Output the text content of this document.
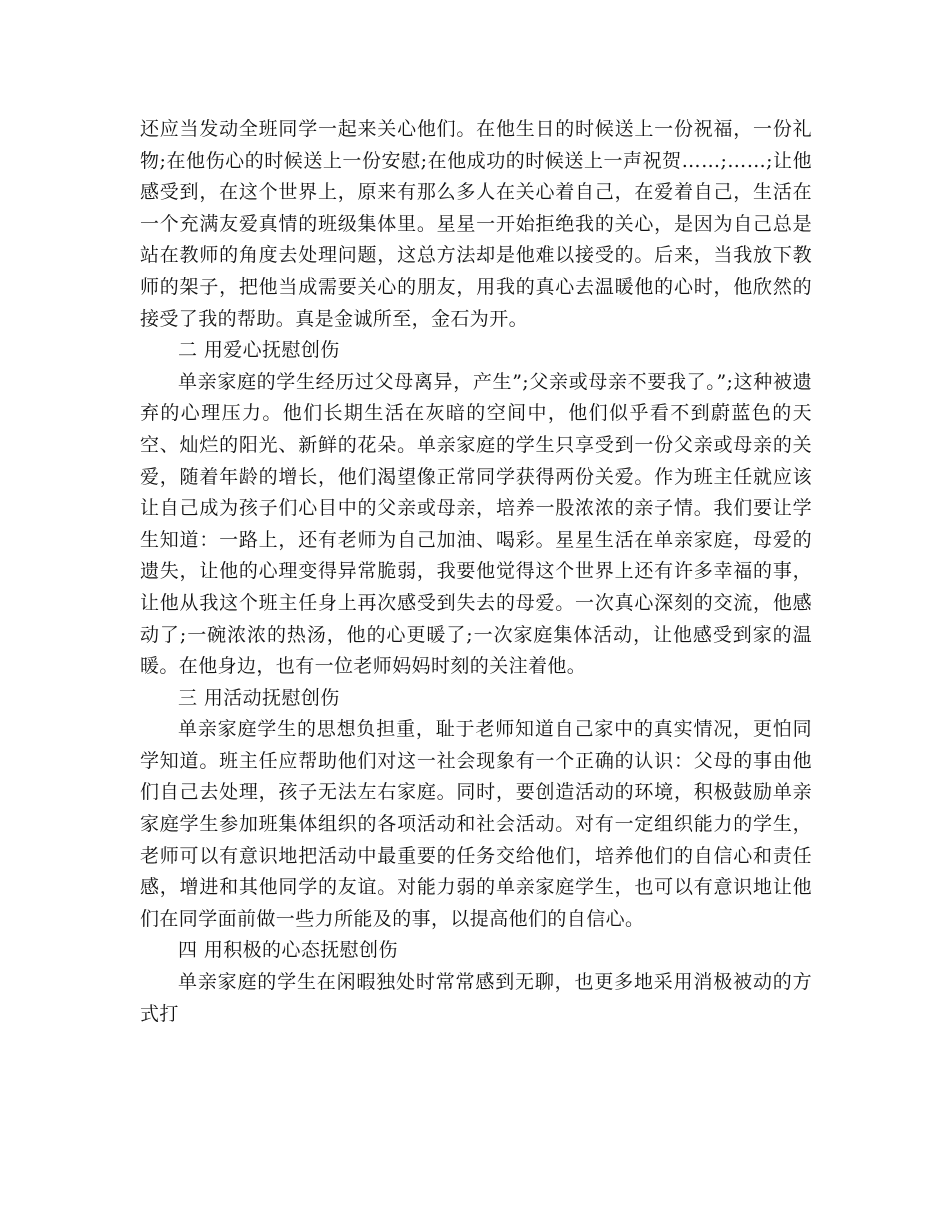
还应当发动全班同学一起来关心他们。在他生日的时候送上一份祝福，一份礼物;在他伤心的时候送上一份安慰;在他成功的时候送上一声祝贺……;……;让他感受到，在这个世界上，原来有那么多人在关心着自己，在爱着自己，生活在一个充满友爱真情的班级集体里。星星一开始拒绝我的关心，是因为自己总是站在教师的角度去处理问题，这总方法却是他难以接受的。后来，当我放下教师的架子，把他当成需要关心的朋友，用我的真心去温暖他的心时，他欣然的接受了我的帮助。真是金诚所至，金石为开。

二 用爱心抚慰创伤

单亲家庭的学生经历过父母离异，产生”;父亲或母亲不要我了。”;这种被遗弃的心理压力。他们长期生活在灰暗的空间中，他们似乎看不到蔚蓝色的天空、灿烂的阳光、新鲜的花朵。单亲家庭的学生只享受到一份父亲或母亲的关爱，随着年龄的增长，他们渴望像正常同学获得两份关爱。作为班主任就应该让自己成为孩子们心目中的父亲或母亲，培养一股浓浓的亲子情。我们要让学生知道：一路上，还有老师为自己加油、喝彩。星星生活在单亲家庭，母爱的遗失，让他的心理变得异常脆弱，我要他觉得这个世界上还有许多幸福的事，让他从我这个班主任身上再次感受到失去的母爱。一次真心深刻的交流，他感动了;一碗浓浓的热汤，他的心更暖了;一次家庭集体活动，让他感受到家的温暖。在他身边，也有一位老师妈妈时刻的关注着他。

三 用活动抚慰创伤

单亲家庭学生的思想负担重，耻于老师知道自己家中的真实情况，更怕同学知道。班主任应帮助他们对这一社会现象有一个正确的认识：父母的事由他们自己去处理，孩子无法左右家庭。同时，要创造活动的环境，积极鼓励单亲家庭学生参加班集体组织的各项活动和社会活动。对有一定组织能力的学生，老师可以有意识地把活动中最重要的任务交给他们，培养他们的自信心和责任感，增进和其他同学的友谊。对能力弱的单亲家庭学生，也可以有意识地让他们在同学面前做一些力所能及的事，以提高他们的自信心。

四 用积极的心态抚慰创伤

单亲家庭的学生在闲暇独处时常常感到无聊，也更多地采用消极被动的方式打
